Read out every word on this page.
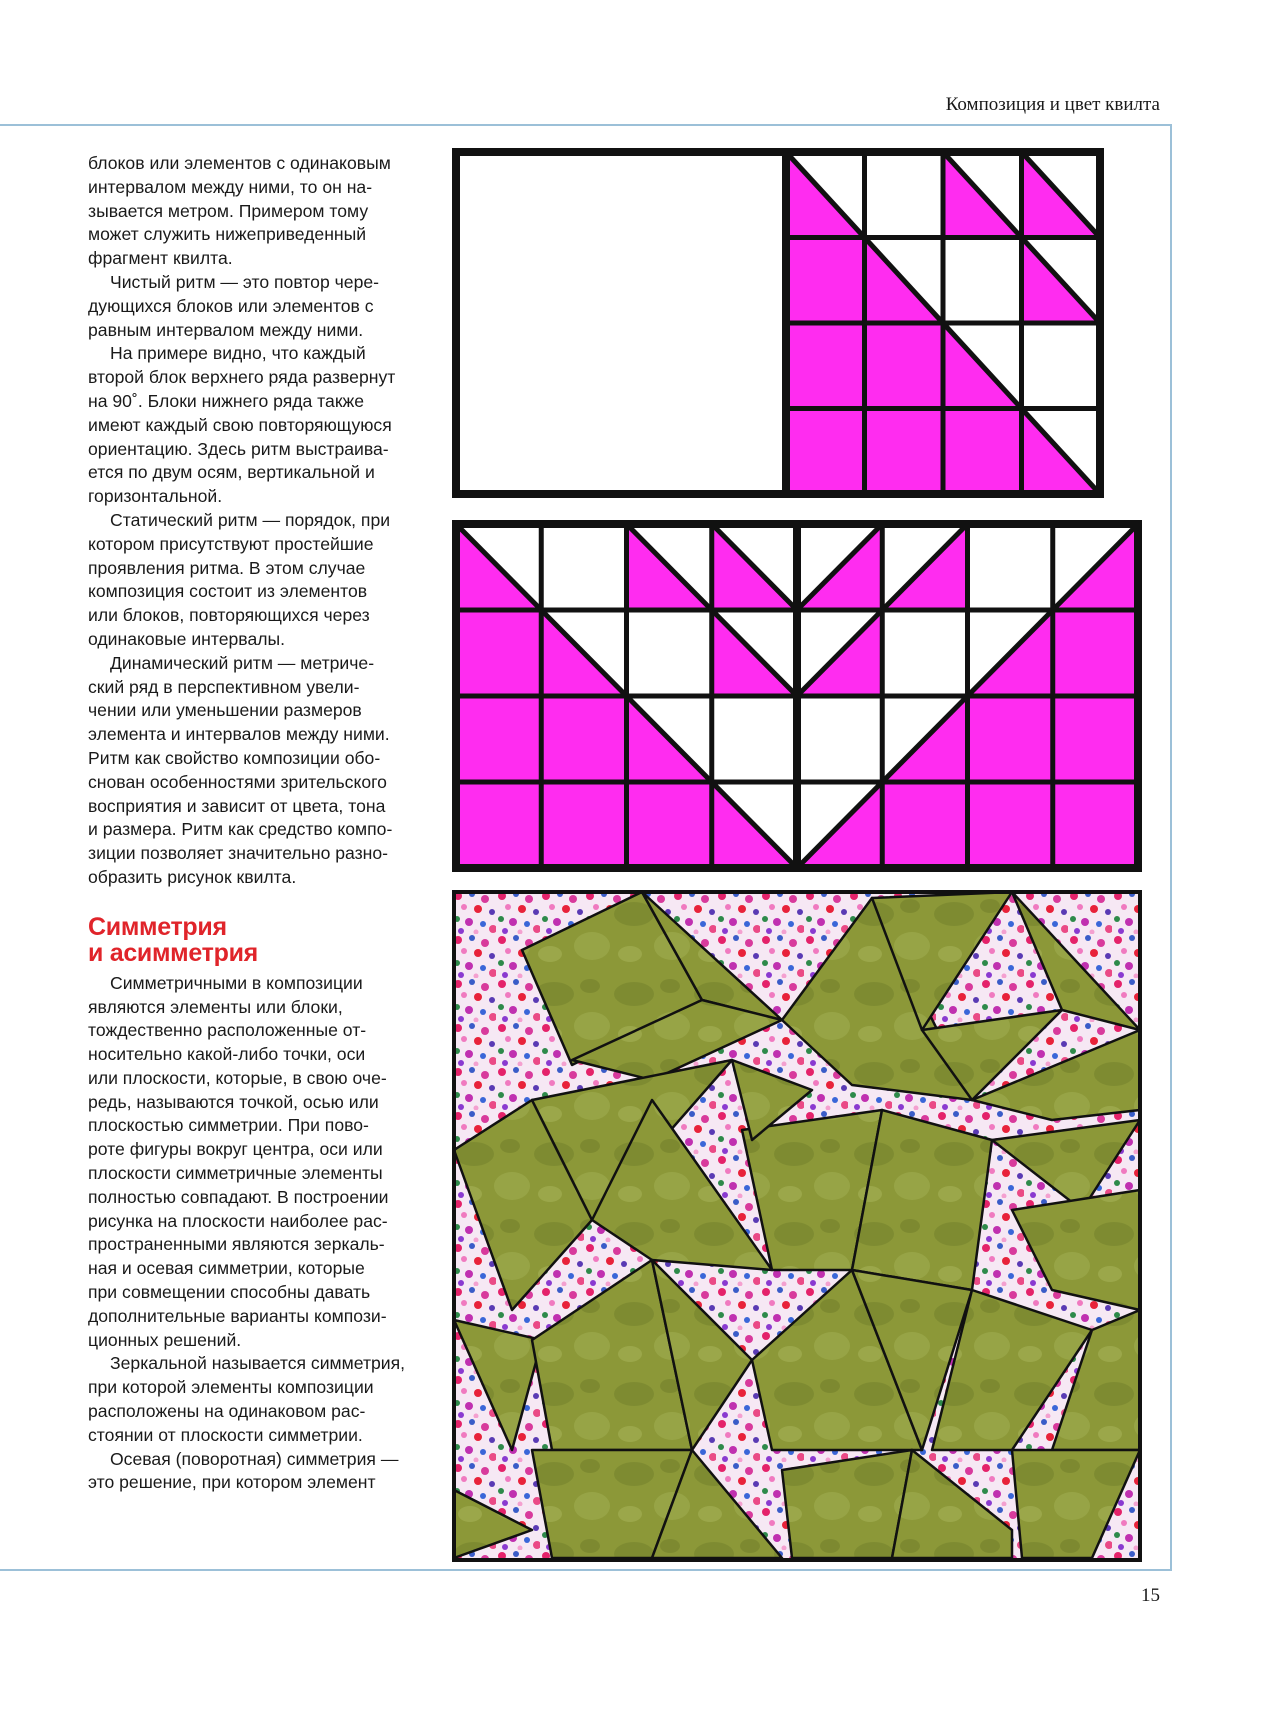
Композиция и цвет квилта
блоков или элементов с одинаковым
интервалом между ними, то он на-
зывается метром. Примером тому
может служить нижеприведенный
фрагмент квилта.
Чистый ритм — это повтор чере-
дующихся блоков или элементов с
равным интервалом между ними.
На примере видно, что каждый
второй блок верхнего ряда развернут
на 90˚. Блоки нижнего ряда также
имеют каждый свою повторяющуюся
ориентацию. Здесь ритм выстраива-
ется по двум осям, вертикальной и
горизонтальной.
Статический ритм — порядок, при
котором присутствуют простейшие
проявления ритма. В этом случае
композиция состоит из элементов
или блоков, повторяющихся через
одинаковые интервалы.
Динамический ритм — метриче-
ский ряд в перспективном увели-
чении или уменьшении размеров
элемента и интервалов между ними.
Ритм как свойство композиции обо-
снован особенностями зрительского
восприятия и зависит от цвета, тона
и размера. Ритм как средство компо-
зиции позволяет значительно разно-
образить рисунок квилта.
Симметрия
и асимметрия
Симметричными в композиции
являются элементы или блоки,
тождественно расположенные от-
носительно какой-либо точки, оси
или плоскости, которые, в свою оче-
редь, называются точкой, осью или
плоскостью симметрии. При пово-
роте фигуры вокруг центра, оси или
плоскости симметричные элементы
полностью совпадают. В построении
рисунка на плоскости наиболее рас-
пространенными являются зеркаль-
ная и осевая симметрии, которые
при совмещении способны давать
дополнительные варианты компози-
ционных решений.
Зеркальной называется симметрия,
при которой элементы композиции
расположены на одинаковом рас-
стоянии от плоскости симметрии.
Осевая (поворотная) симметрия —
это решение, при котором элемент
15
